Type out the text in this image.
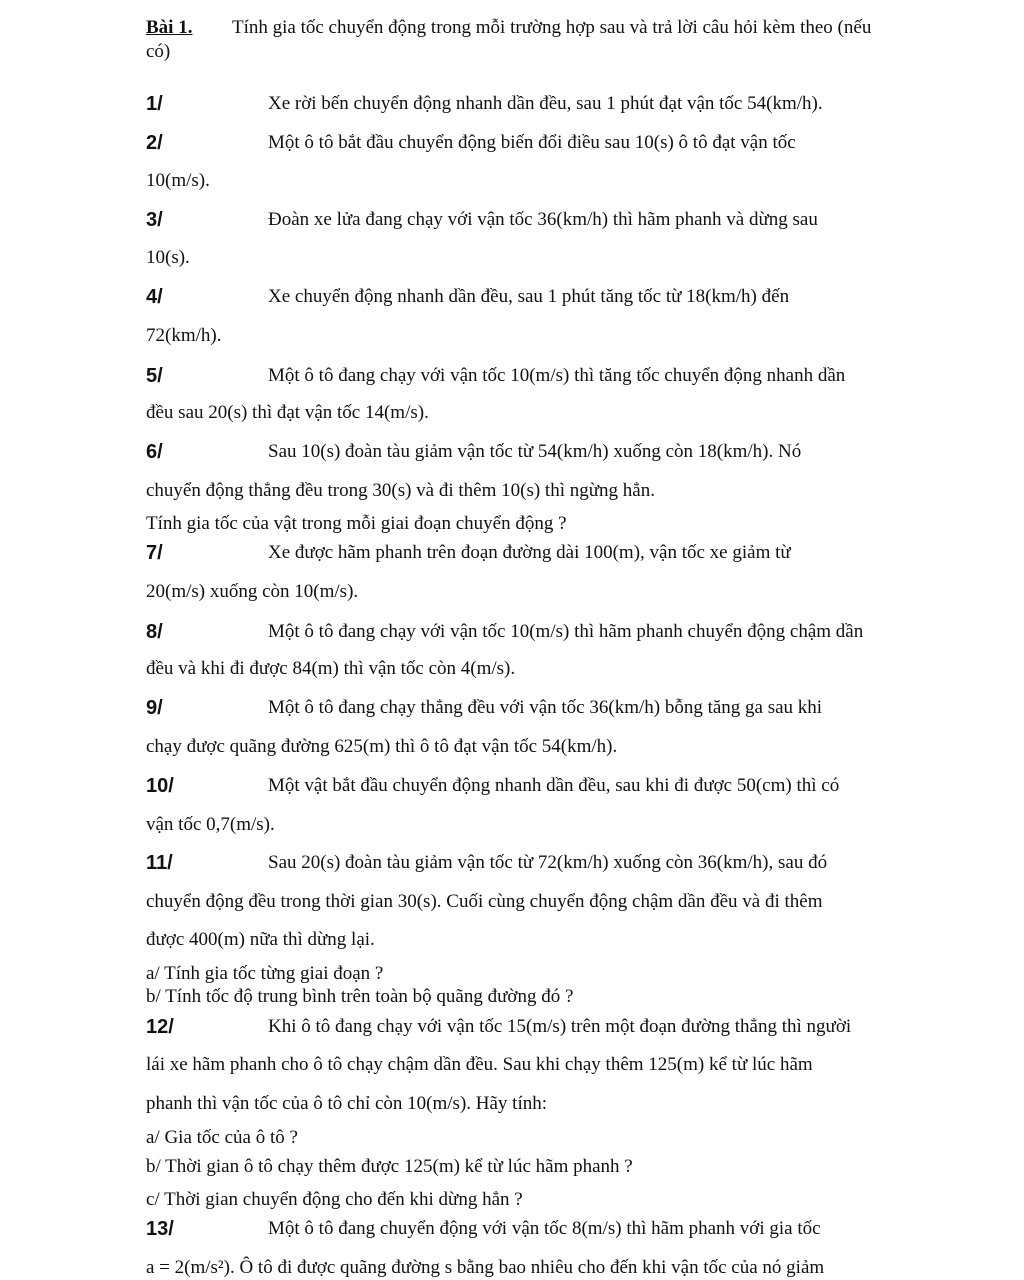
Bài 1. Tính gia tốc chuyển động trong mỗi trường hợp sau và trả lời câu hỏi kèm theo (nếu
có)
1/	Xe rời bến chuyển động nhanh dần đều, sau 1 phút đạt vận tốc 54(km/h).
2/	Một ô tô bắt đầu chuyển động biến đổi điều sau 10(s) ô tô đạt vận tốc
10(m/s).
3/	Đoàn xe lửa đang chạy với vận tốc 36(km/h) thì hãm phanh và dừng sau
10(s).
4/	Xe chuyển động nhanh dần đều, sau 1 phút tăng tốc từ 18(km/h) đến
72(km/h).
5/	Một ô tô đang chạy với vận tốc 10(m/s) thì tăng tốc chuyển động nhanh dần
đều sau 20(s) thì đạt vận tốc 14(m/s).
6/	Sau 10(s) đoàn tàu giảm vận tốc từ 54(km/h) xuống còn 18(km/h). Nó
chuyển động thẳng đều trong 30(s) và đi thêm 10(s) thì ngừng hẳn.
Tính gia tốc của vật trong mỗi giai đoạn chuyển động ?
7/	Xe được hãm phanh trên đoạn đường dài 100(m), vận tốc xe giảm từ
20(m/s) xuống còn 10(m/s).
8/	Một ô tô đang chạy với vận tốc 10(m/s) thì hãm phanh chuyển động chậm dần
đều và khi đi được 84(m) thì vận tốc còn 4(m/s).
9/	Một ô tô đang chạy thẳng đều với vận tốc 36(km/h) bỗng tăng ga sau khi
chạy được quãng đường 625(m) thì ô tô đạt vận tốc 54(km/h).
10/	Một vật bắt đầu chuyển động nhanh dần đều, sau khi đi được 50(cm) thì có
vận tốc 0,7(m/s).
11/	Sau 20(s) đoàn tàu giảm vận tốc từ 72(km/h) xuống còn 36(km/h), sau đó
chuyển động đều trong thời gian 30(s). Cuối cùng chuyển động chậm dần đều và đi thêm
được 400(m) nữa thì dừng lại.
a/ Tính gia tốc từng giai đoạn ?
b/ Tính tốc độ trung bình trên toàn bộ quãng đường đó ?
12/	Khi ô tô đang chạy với vận tốc 15(m/s) trên một đoạn đường thẳng thì người
lái xe hãm phanh cho ô tô chạy chậm dần đều. Sau khi chạy thêm 125(m) kể từ lúc hãm
phanh thì vận tốc của ô tô chỉ còn 10(m/s). Hãy tính:
a/ Gia tốc của ô tô ?
b/ Thời gian ô tô chạy thêm được 125(m) kể từ lúc hãm phanh ?
c/ Thời gian chuyển động cho đến khi dừng hẳn ?
13/	Một ô tô đang chuyển động với vận tốc 8(m/s) thì hãm phanh với gia tốc
a = 2(m/s²). Ô tô đi được quãng đường s bằng bao nhiêu cho đến khi vận tốc của nó giảm
